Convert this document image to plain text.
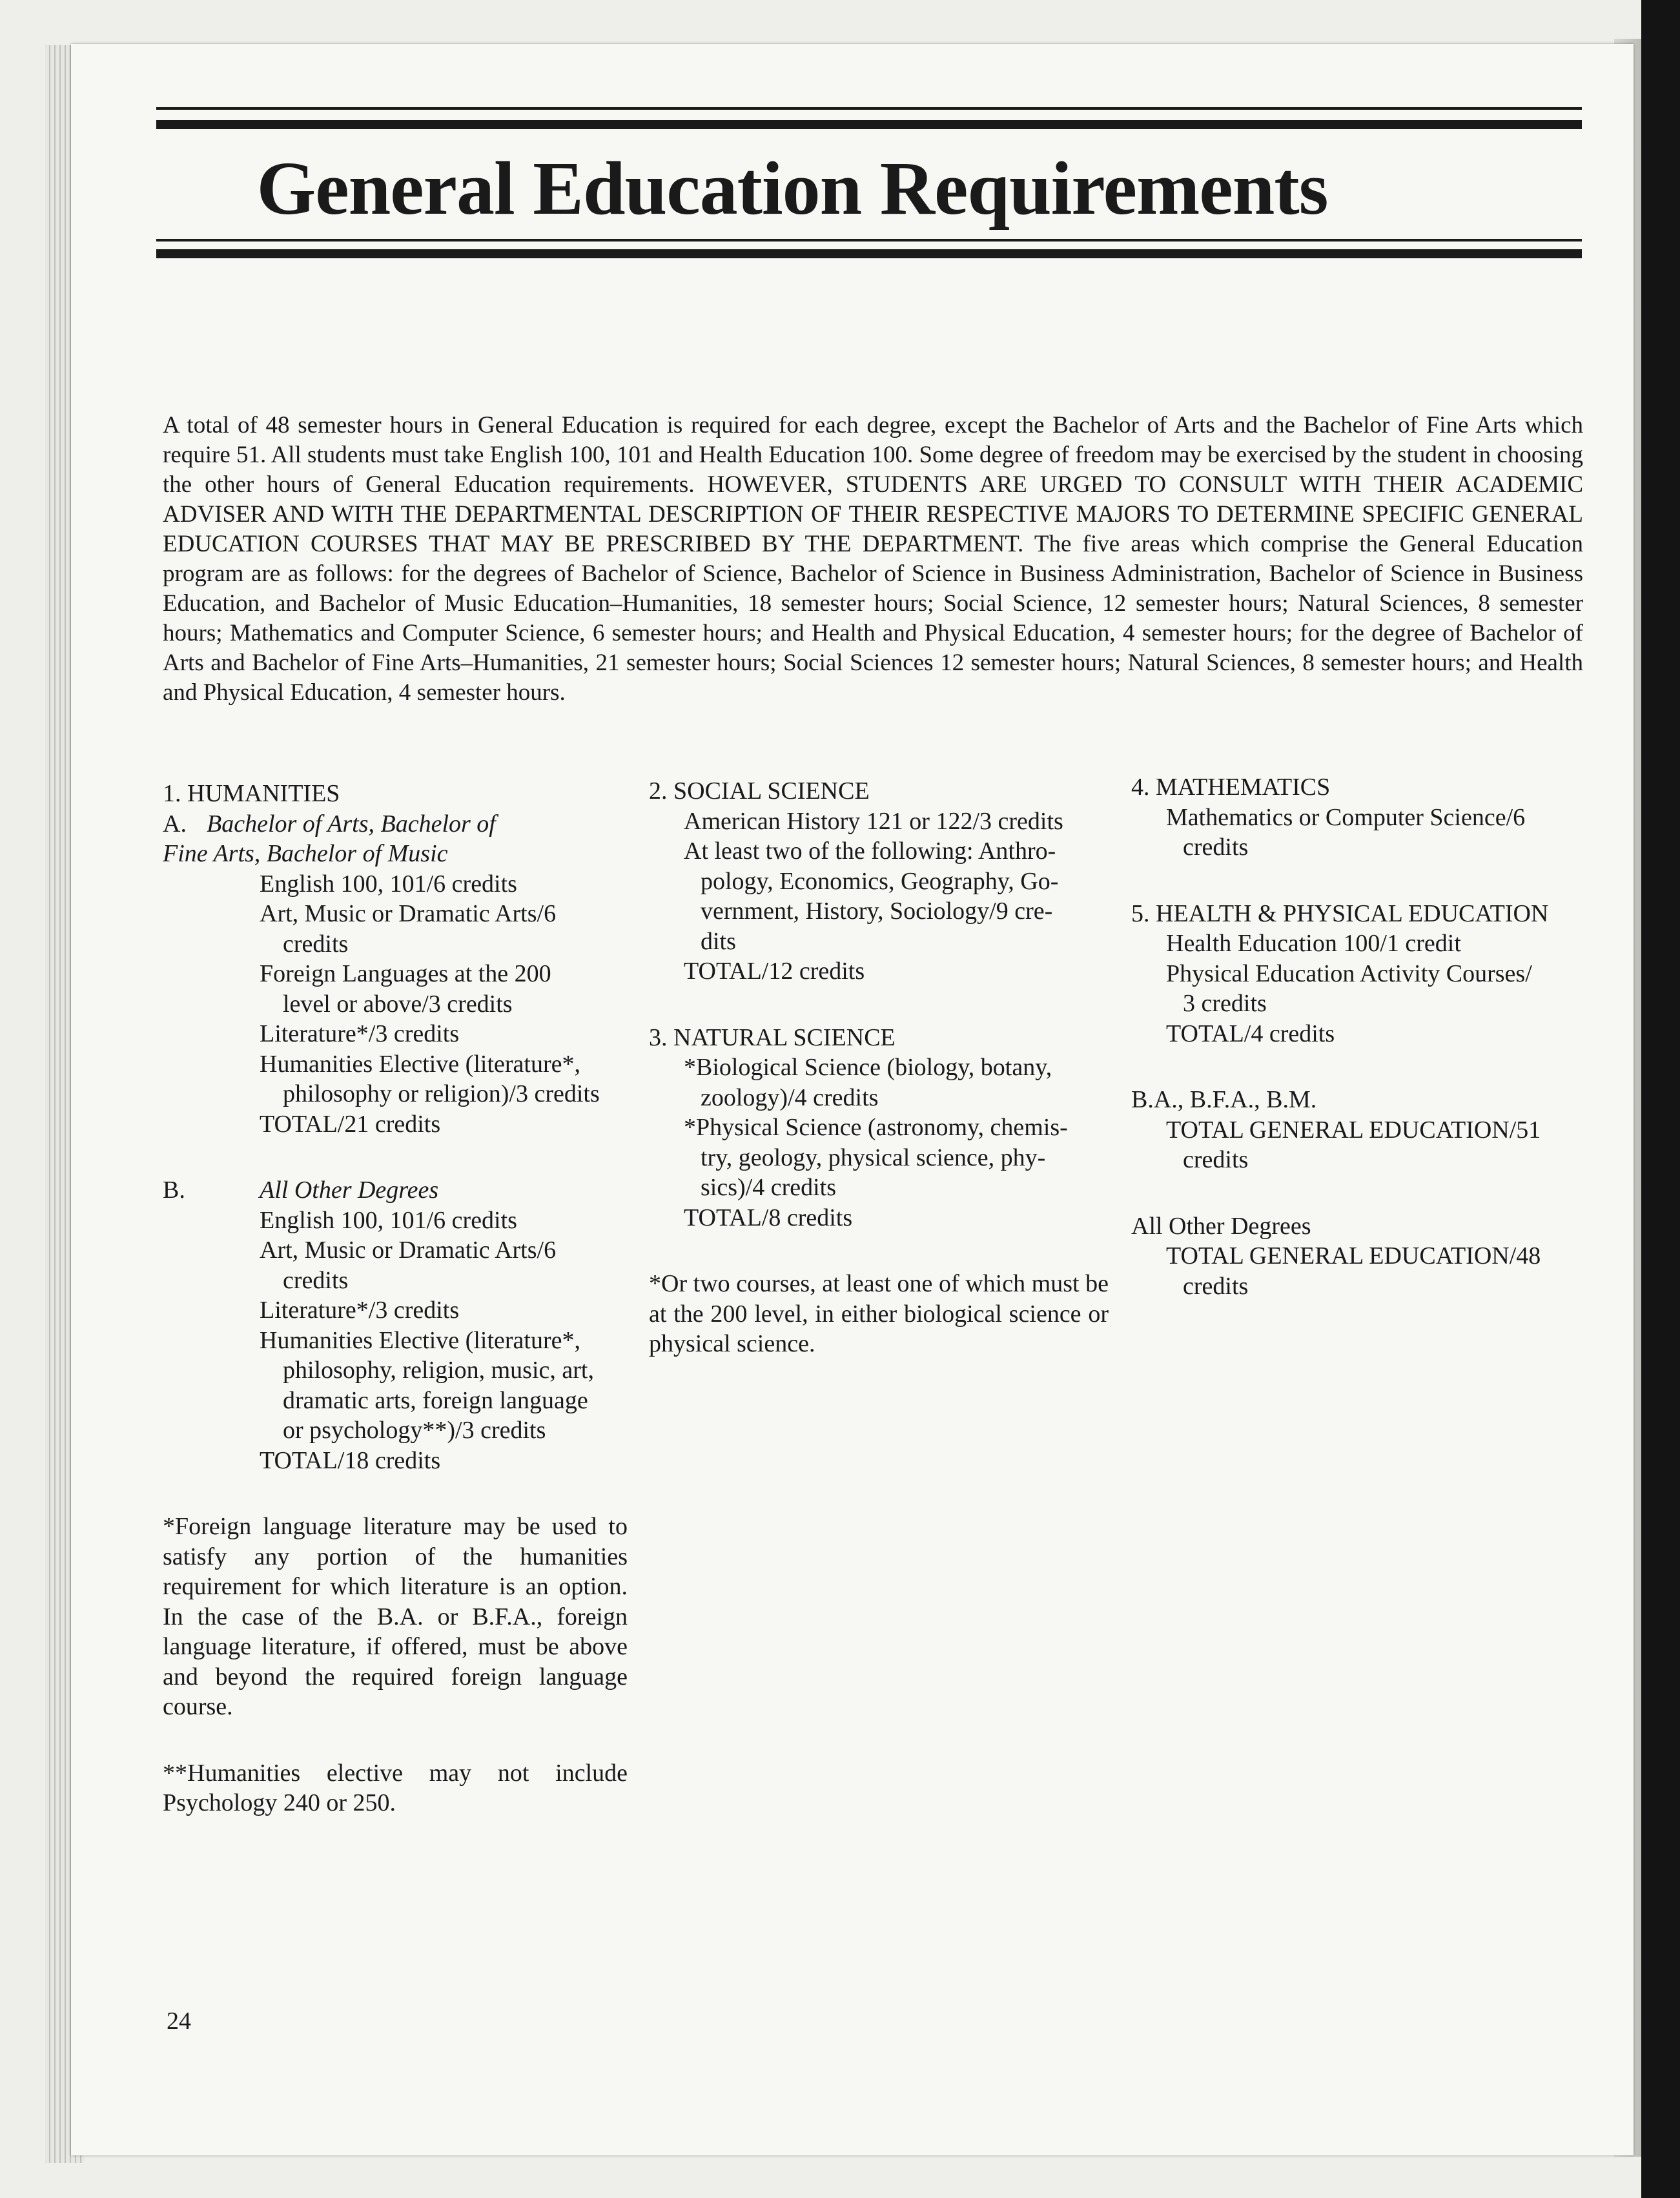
General Education Requirements
A total of 48 semester hours in General Education is required for each degree, except the Bachelor of Arts and the Bachelor of Fine Arts which require 51. All students must take English 100, 101 and Health Education 100. Some degree of freedom may be exercised by the student in choosing the other hours of General Education requirements. HOWEVER, STUDENTS ARE URGED TO CONSULT WITH THEIR ACADEMIC ADVISER AND WITH THE DEPARTMENTAL DESCRIPTION OF THEIR RESPECTIVE MAJORS TO DETERMINE SPECIFIC GENERAL EDUCATION COURSES THAT MAY BE PRESCRIBED BY THE DEPARTMENT. The five areas which comprise the General Education program are as follows: for the degrees of Bachelor of Science, Bachelor of Science in Business Administration, Bachelor of Science in Business Education, and Bachelor of Music Education–Humanities, 18 semester hours; Social Science, 12 semester hours; Natural Sciences, 8 semester hours; Mathematics and Computer Science, 6 semester hours; and Health and Physical Education, 4 semester hours; for the degree of Bachelor of Arts and Bachelor of Fine Arts–Humanities, 21 semester hours; Social Sciences 12 semester hours; Natural Sciences, 8 semester hours; and Health and Physical Education, 4 semester hours.

1. HUMANITIES

A. Bachelor of Arts, Bachelor of

Fine Arts, Bachelor of Music

English 100, 101/6 credits

Art, Music or Dramatic Arts/6

credits

Foreign Languages at the 200

level or above/3 credits

Literature*/3 credits

Humanities Elective (literature*,

philosophy or religion)/3 credits

TOTAL/21 credits

B.	All Other Degrees

English 100, 101/6 credits

Art, Music or Dramatic Arts/6

credits

Literature*/3 credits

Humanities Elective (literature*,

philosophy, religion, music, art,

dramatic arts, foreign language

or psychology**)/3 credits

TOTAL/18 credits

*Foreign language literature may be used to satisfy any portion of the humanities requirement for which literature is an option. In the case of the B.A. or B.F.A., foreign language literature, if offered, must be above and beyond the required foreign language course.

**Humanities elective may not include Psychology 240 or 250.

2. SOCIAL SCIENCE

American History 121 or 122/3 credits

At least two of the following: Anthro-

pology, Economics, Geography, Go-

vernment, History, Sociology/9 cre-

dits

TOTAL/12 credits

3. NATURAL SCIENCE

*Biological Science (biology, botany,

zoology)/4 credits

*Physical Science (astronomy, chemis-

try, geology, physical science, phy-

sics)/4 credits

TOTAL/8 credits

*Or two courses, at least one of which must be at the 200 level, in either biological science or physical science.

4. MATHEMATICS

Mathematics or Computer Science/6

credits

5. HEALTH & PHYSICAL EDUCATION

Health Education 100/1 credit

Physical Education Activity Courses/

3 credits

TOTAL/4 credits

B.A., B.F.A., B.M.

TOTAL GENERAL EDUCATION/51

credits

All Other Degrees

TOTAL GENERAL EDUCATION/48

credits

24
